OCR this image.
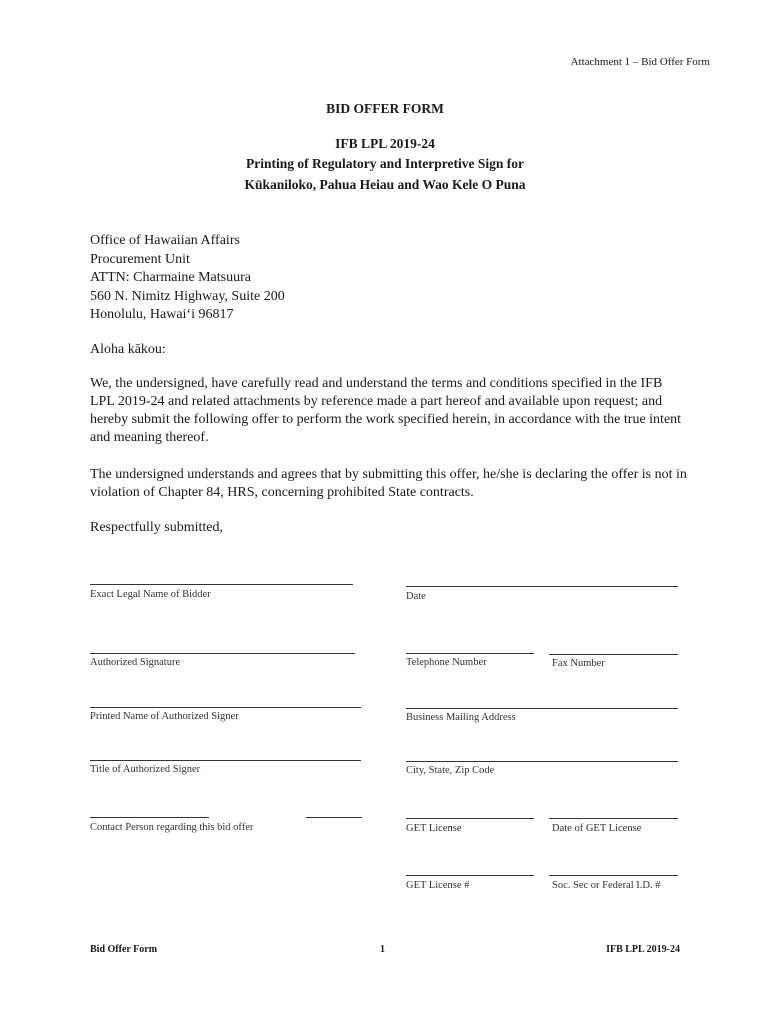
Attachment 1 – Bid Offer Form
BID OFFER FORM
IFB LPL 2019-24
Printing of Regulatory and Interpretive Sign for
Kūkaniloko, Pahua Heiau and Wao Kele O Puna
Office of Hawaiian Affairs
Procurement Unit
ATTN: Charmaine Matsuura
560 N. Nimitz Highway, Suite 200
Honolulu, Hawai‘i 96817
Aloha kākou:
We, the undersigned, have carefully read and understand the terms and conditions specified in the IFB LPL 2019-24 and related attachments by reference made a part hereof and available upon request; and hereby submit the following offer to perform the work specified herein, in accordance with the true intent and meaning thereof.
The undersigned understands and agrees that by submitting this offer, he/she is declaring the offer is not in violation of Chapter 84, HRS, concerning prohibited State contracts.
Respectfully submitted,
Exact Legal Name of Bidder	Date
Authorized Signature	Telephone Number	Fax Number
Printed Name of Authorized Signer	Business Mailing Address
Title of Authorized Signer	City, State, Zip Code
Contact Person regarding this bid offer	GET License	Date of GET License
GET License #	Soc. Sec or Federal I.D. #
Bid Offer Form	1	IFB LPL 2019-24
